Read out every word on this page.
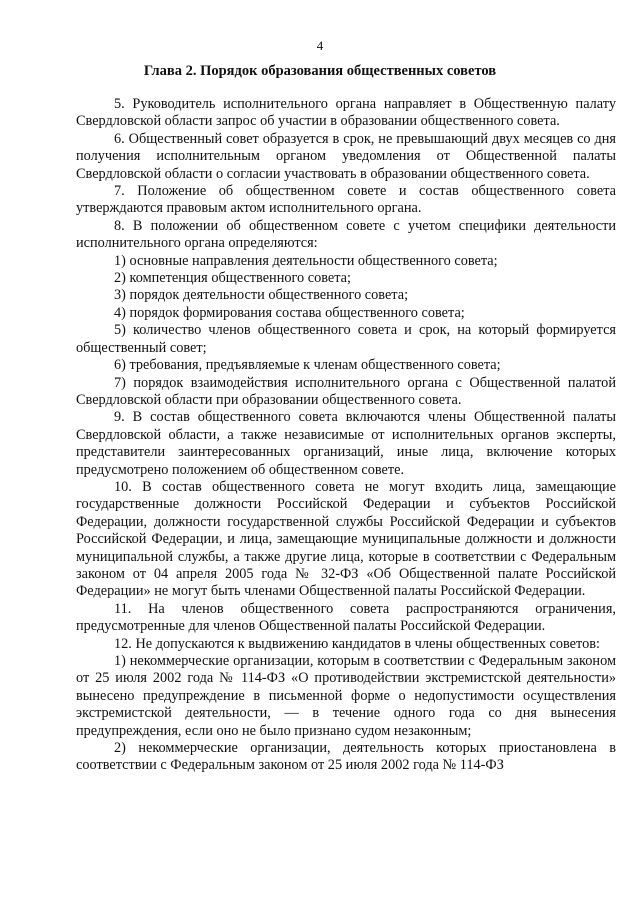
4
Глава 2. Порядок образования общественных советов

5. Руководитель исполнительного органа направляет в Общественную палату Свердловской области запрос об участии в образовании общественного совета.

6. Общественный совет образуется в срок, не превышающий двух месяцев со дня получения исполнительным органом уведомления от Общественной палаты Свердловской области о согласии участвовать в образовании общественного совета.

7. Положение об общественном совете и состав общественного совета утверждаются правовым актом исполнительного органа.

8. В положении об общественном совете с учетом специфики деятельности исполнительного органа определяются:

1) основные направления деятельности общественного совета;

2) компетенция общественного совета;

3) порядок деятельности общественного совета;

4) порядок формирования состава общественного совета;

5) количество членов общественного совета и срок, на который формируется общественный совет;

6) требования, предъявляемые к членам общественного совета;

7) порядок взаимодействия исполнительного органа с Общественной палатой Свердловской области при образовании общественного совета.

9. В состав общественного совета включаются члены Общественной палаты Свердловской области, а также независимые от исполнительных органов эксперты, представители заинтересованных организаций, иные лица, включение которых предусмотрено положением об общественном совете.

10. В состав общественного совета не могут входить лица, замещающие государственные должности Российской Федерации и субъектов Российской Федерации, должности государственной службы Российской Федерации и субъектов Российской Федерации, и лица, замещающие муниципальные должности и должности муниципальной службы, а также другие лица, которые в соответствии с Федеральным законом от 04 апреля 2005 года № 32-ФЗ «Об Общественной палате Российской Федерации» не могут быть членами Общественной палаты Российской Федерации.

11. На членов общественного совета распространяются ограничения, предусмотренные для членов Общественной палаты Российской Федерации.

12. Не допускаются к выдвижению кандидатов в члены общественных советов:

1) некоммерческие организации, которым в соответствии с Федеральным законом от 25 июля 2002 года № 114-ФЗ «О противодействии экстремистской деятельности» вынесено предупреждение в письменной форме о недопустимости осуществления экстремистской деятельности, — в течение одного года со дня вынесения предупреждения, если оно не было признано судом незаконным;

2) некоммерческие организации, деятельность которых приостановлена в соответствии с Федеральным законом от 25 июля 2002 года № 114-ФЗ
